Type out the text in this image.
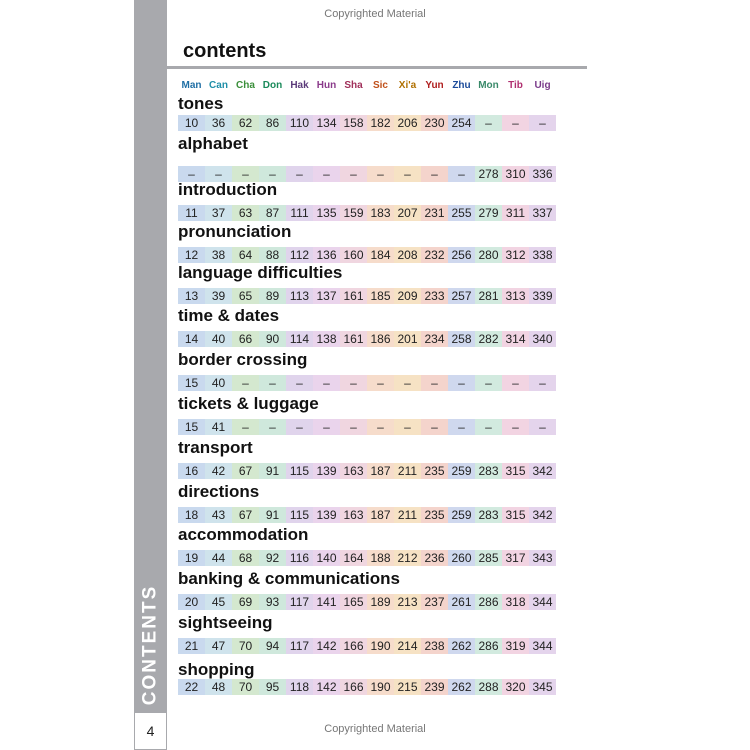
Copyrighted Material
CONTENTS
4
contents
Man Can Cha Don Hak Hun Sha	Sic	Xi'a Yun Zhu Mon Tib	Uig
tones
10	36	62	86 110 134 158 182 206 230 254	–	–	–
alphabet
–	–	–	–	–	–	–	–	–	–	–	278 310 336
introduction
11	37	63	87 111 135 159 183 207 231 255 279 311 337
pronunciation
12	38	64	88 112 136 160 184 208 232 256 280 312 338
language difficulties
13	39	65	89 113 137 161 185 209 233 257 281 313 339
time & dates
14	40	66	90 114 138 161 186 201 234 258 282 314 340
border crossing
15	40	–	–	–	–	–	–	–	–	–	–	–	–
tickets & luggage
15	41	–	–	–	–	–	–	–	–	–	–	–	–
transport
16	42	67	91 115 139 163 187 211 235 259 283 315 342
directions
18	43	67	91 115 139 163 187 211 235 259 283 315 342
accommodation
19	44	68	92 116 140 164 188 212 236 260 285 317 343
banking & communications
20	45	69	93 117 141 165 189 213 237 261 286 318 344
sightseeing
21	47	70	94 117 142 166 190 214 238 262 286 319 344
shopping
22	48	70	95 118 142 166 190 215 239 262 288 320 345
Copyrighted Material
